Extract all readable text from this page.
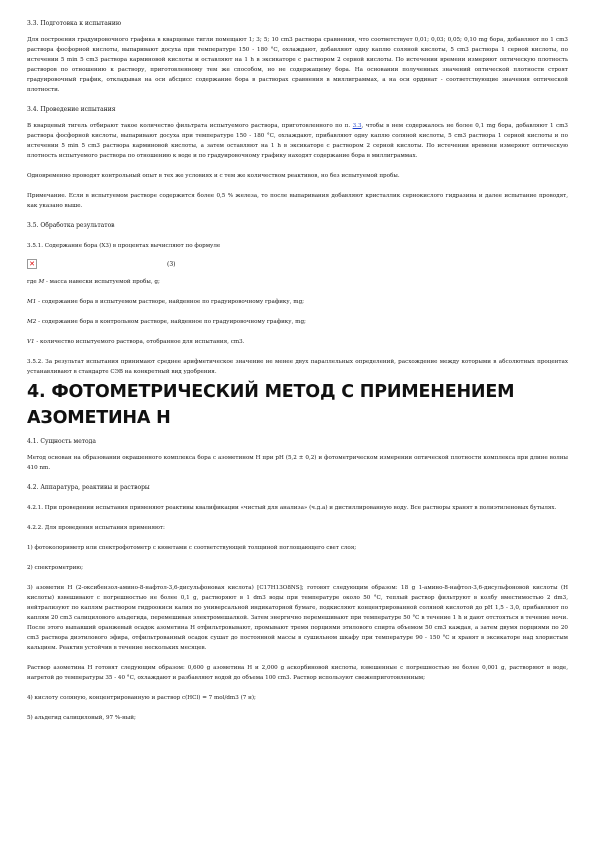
3.3. Подготовка к испытанию

Для построения градуировочного графика в кварцевые тигли помещают 1; 3; 5; 10 cm3 раствора сравнения, что соответствует 0,01; 0,03; 0,05; 0,10 mg бора, добавляют по 1 cm3 раствора фосфорной кислоты, выпаривают досуха при температуре 150 - 180 °С, охлаждают, добавляют одну каплю соляной кислоты, 5 cm3 раствора 1 серной кислоты, по истечении 5 min 5 cm3 раствора карминовой кислоты и оставляют на 1 h в эксикаторе с раствором 2 серной кислоты. По истечении времени измеряют оптическую плотность растворов по отношению к раствору, приготовленному тем же способом, но не содержащему бора. На основании полученных значений оптической плотности строят градуировочный график, откладывая на оси абсцисс содержание бора в растворах сравнения в миллиграммах, а на оси ординат - соответствующие значения оптической плотности.

3.4. Проведение испытания

В кварцевый тигель отбирают такое количество фильтрата испытуемого раствора, приготовленного по п. 3.3, чтобы в нем содержалось не более 0,1 mg бора, добавляют 1 cm3 раствора фосфорной кислоты, выпаривают досуха при температуре 150 - 180 °С, охлаждают, прибавляют одну каплю соляной кислоты, 5 cm3 раствора 1 серной кислоты и по истечении 5 min 5 cm3 раствора карминовой кислоты, а затем оставляют на 1 h в эксикаторе с раствором 2 серной кислоты. По истечении времени измеряют оптическую плотность испытуемого раствора по отношению к воде и по градуировочному графику находят содержание бора в миллиграммах.

Одновременно проводят контрольный опыт в тех же условиях и с тем же количеством реактивов, но без испытуемой пробы.

Примечание. Если в испытуемом растворе содержится более 0,5 % железа, то после выпаривания добавляют кристаллик сернокислого гидразина и далее испытание проводят, как указано выше.

3.5. Обработка результатов

3.5.1. Содержание бора (Х3) в процентах вычисляют по формуле

✕	(3)

где М - масса навески испытуемой пробы, g;

М1 - содержание бора в испытуемом растворе, найденное по градуировочному графику, mg;

М2 - содержание бора в контрольном растворе, найденное по градуировочному графику, mg;

V1 - количество испытуемого раствора, отобранное для испытания, cm3.

3.5.2. За результат испытания принимают среднее арифметическое значение не менее двух параллельных определений, расхождение между которыми в абсолютных процентах устанавливают в стандарте СЭВ на конкретный вид удобрения.

4. ФОТОМЕТРИЧЕСКИЙ МЕТОД С ПРИМЕНЕНИЕМ АЗОМЕТИНА Н

4.1. Сущность метода

Метод основан на образовании окрашенного комплекса бора с азометином Н при рН (5,2 ± 0,2) и фотометрическом измерении оптической плотности комплекса при длине волны 410 nm.

4.2. Аппаратура, реактивы и растворы

4.2.1. При проведении испытания применяют реактивы квалификации «чистый для анализа» (ч.д.а) и дистиллированную воду. Все растворы хранят в полиэтиленовых бутылях.

4.2.2. Для проведения испытания применяют:

1) фотоколориметр или спектрофотометр с кюветами с соответствующей толщиной поглощающего свет слоя;

2) спектрометрию;

3) азометин Н (2-оксибензол-амино-8-нафтол-3,6-дисульфоновая кислота) [С17Н13О8NS]; готовят следующим образом: 18 g 1-амино-8-нафтол-3,6-дисульфоновой кислоты (Н кислоты) взвешивают с погрешностью не более 0,1 g, растворяют в 1 dm3 воды при температуре около 50 °С, теплый раствор фильтруют в колбу вместимостью 2 dm3, нейтрализуют по каплям раствором гидроокиси калия по универсальной индикаторной бумаге, подкисляют концентрированной соляной кислотой до рН 1,5 - 3,0, прибавляют по каплям 20 cm3 салицилового альдегида, перемешивая электромешалкой. Затем энергично перемешивают при температуре 50 °С в течение 1 h и дают отстояться в течение ночи. После этого выпавший оранжевый осадок азометина Н отфильтровывают, промывают тремя порциями этилового спирта объемом 50 cm3 каждая, а затем двумя порциями по 20 cm3 раствора диэтилового эфира, отфильтрованный осадок сушат до постоянной массы в сушильном шкафу при температуре 90 - 150 °С и хранят в эксикаторе над хлористым кальцием. Реактив устойчив в течение нескольких месяцев.

Раствор азометина Н готовят следующим образом: 0,600 g азометина Н и 2,000 g аскорбиновой кислоты, взвешенные с погрешностью не более 0,001 g, растворяют в воде, нагретой до температуры 35 - 40 °С, охлаждают и разбавляют водой до объема 100 cm3. Раствор используют свежеприготовленным;

4) кислоту соляную, концентрированную и раствор c(HCl) = 7 mol/dm3 (7 н);

5) альдегид салициловый, 97 %-ный;
